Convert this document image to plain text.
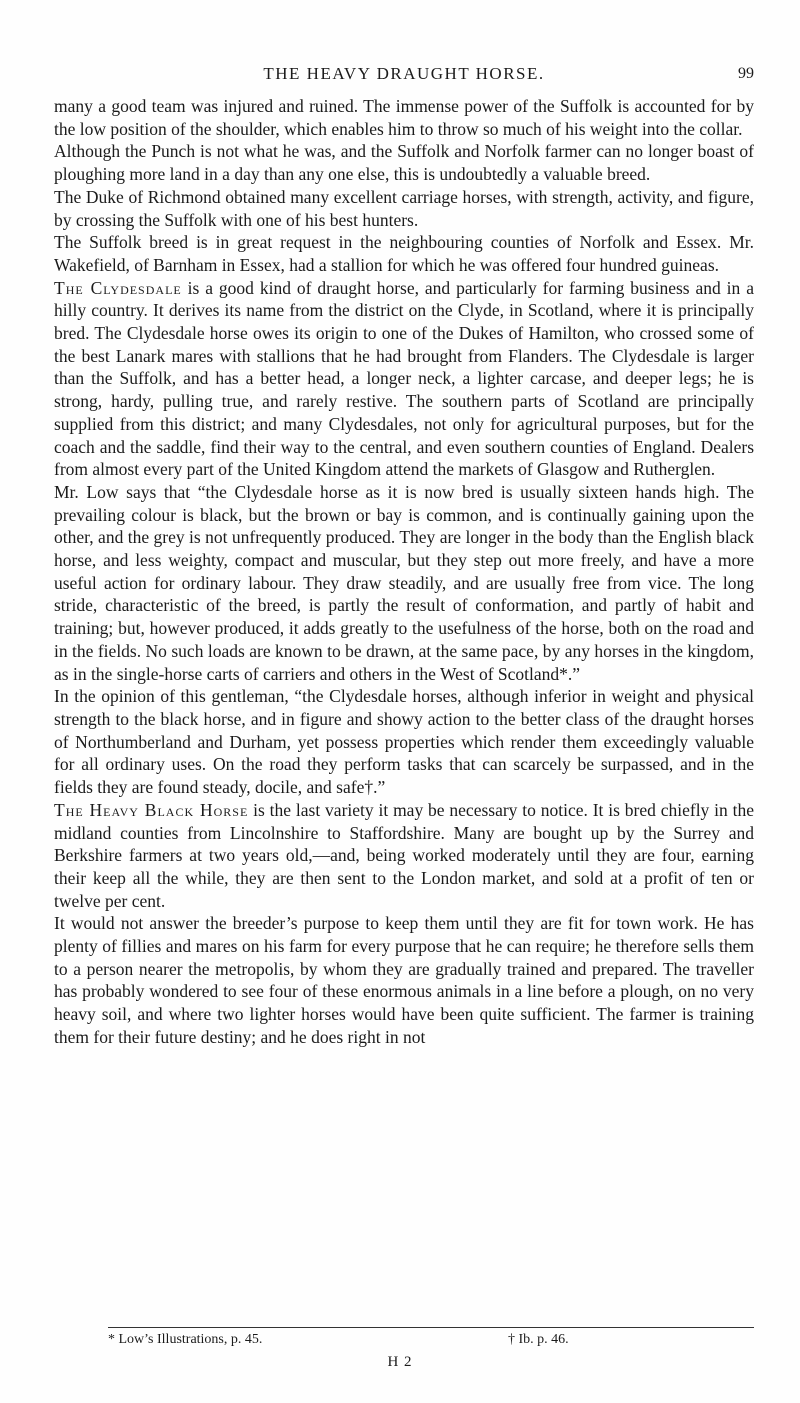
THE HEAVY DRAUGHT HORSE.	99

many a good team was injured and ruined. The immense power of the Suffolk is accounted for by the low position of the shoulder, which enables him to throw so much of his weight into the collar.

Although the Punch is not what he was, and the Suffolk and Norfolk farmer can no longer boast of ploughing more land in a day than any one else, this is undoubtedly a valuable breed.

The Duke of Richmond obtained many excellent carriage horses, with strength, activity, and figure, by crossing the Suffolk with one of his best hunters.

The Suffolk breed is in great request in the neighbouring counties of Norfolk and Essex. Mr. Wakefield, of Barnham in Essex, had a stallion for which he was offered four hundred guineas.

The Clydesdale is a good kind of draught horse, and particularly for farming business and in a hilly country. It derives its name from the district on the Clyde, in Scotland, where it is principally bred. The Clydesdale horse owes its origin to one of the Dukes of Hamilton, who crossed some of the best Lanark mares with stallions that he had brought from Flanders. The Clydesdale is larger than the Suffolk, and has a better head, a longer neck, a lighter carcase, and deeper legs; he is strong, hardy, pulling true, and rarely restive. The southern parts of Scotland are principally supplied from this district; and many Clydesdales, not only for agricultural purposes, but for the coach and the saddle, find their way to the central, and even southern counties of England. Dealers from almost every part of the United Kingdom attend the markets of Glasgow and Rutherglen.

Mr. Low says that “the Clydesdale horse as it is now bred is usually sixteen hands high. The prevailing colour is black, but the brown or bay is common, and is continually gaining upon the other, and the grey is not unfrequently produced. They are longer in the body than the English black horse, and less weighty, compact and muscular, but they step out more freely, and have a more useful action for ordinary labour. They draw steadily, and are usually free from vice. The long stride, characteristic of the breed, is partly the result of conformation, and partly of habit and training; but, however produced, it adds greatly to the usefulness of the horse, both on the road and in the fields. No such loads are known to be drawn, at the same pace, by any horses in the kingdom, as in the single-horse carts of carriers and others in the West of Scotland*.”

In the opinion of this gentleman, “the Clydesdale horses, although inferior in weight and physical strength to the black horse, and in figure and showy action to the better class of the draught horses of Northumberland and Durham, yet possess properties which render them exceedingly valuable for all ordinary uses. On the road they perform tasks that can scarcely be surpassed, and in the fields they are found steady, docile, and safe†.”

The Heavy Black Horse is the last variety it may be necessary to notice. It is bred chiefly in the midland counties from Lincolnshire to Staffordshire. Many are bought up by the Surrey and Berkshire farmers at two years old,—and, being worked moderately until they are four, earning their keep all the while, they are then sent to the London market, and sold at a profit of ten or twelve per cent.

It would not answer the breeder’s purpose to keep them until they are fit for town work. He has plenty of fillies and mares on his farm for every purpose that he can require; he therefore sells them to a person nearer the metropolis, by whom they are gradually trained and prepared. The traveller has probably wondered to see four of these enormous animals in a line before a plough, on no very heavy soil, and where two lighter horses would have been quite sufficient. The farmer is training them for their future destiny; and he does right in not

* Low’s Illustrations, p. 45.	† Ib. p. 46.
H 2
